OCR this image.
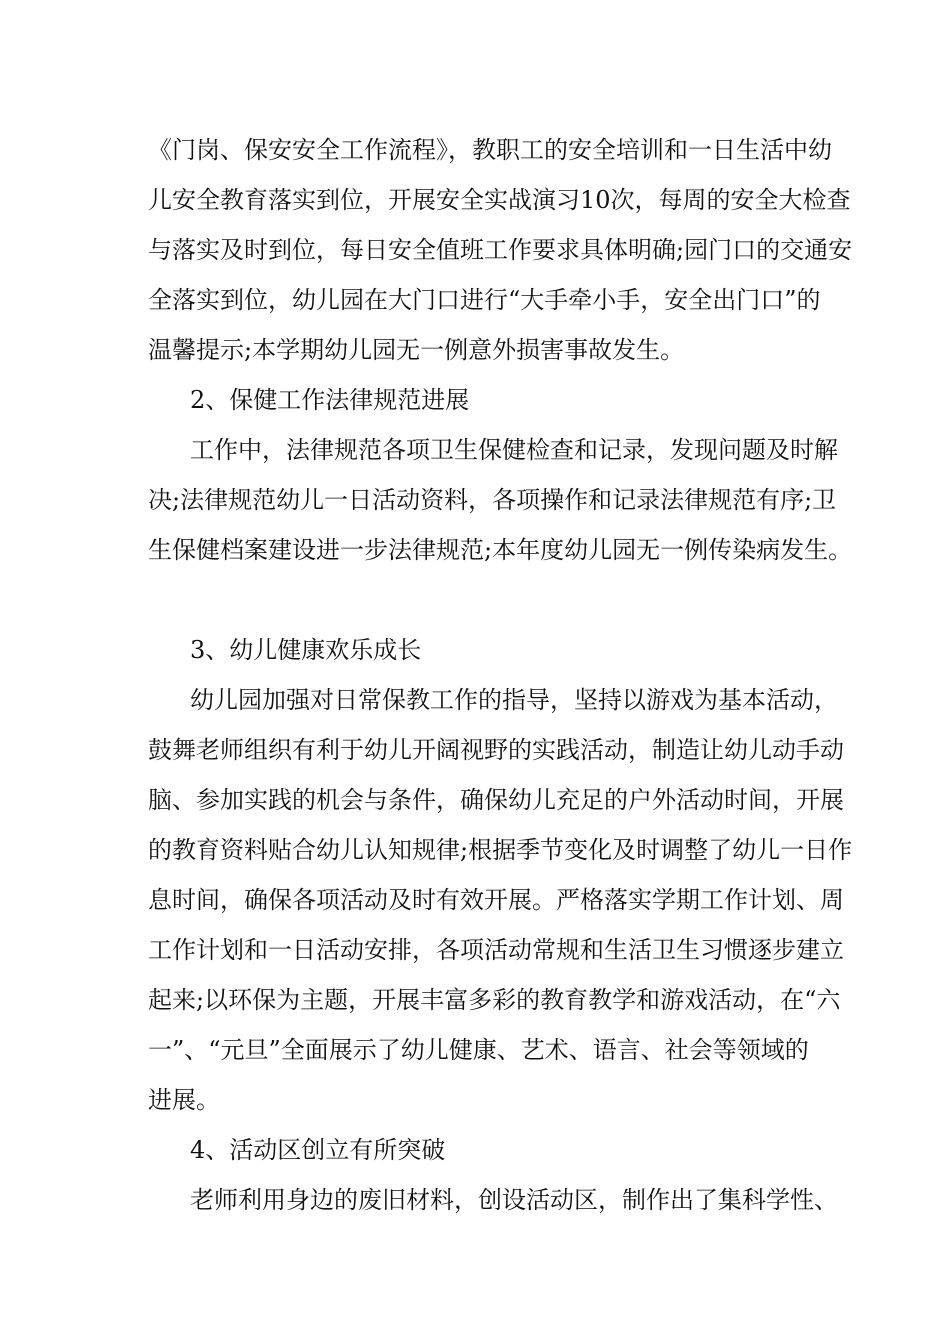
《门岗、保安安全工作流程》，教职工的安全培训和一日生活中幼
儿安全教育落实到位，开展安全实战演习10次，每周的安全大检查
与落实及时到位，每日安全值班工作要求具体明确;园门口的交通安
全落实到位，幼儿园在大门口进行“大手牵小手，安全出门口”的
温馨提示;本学期幼儿园无一例意外损害事故发生。
2、保健工作法律规范进展
工作中，法律规范各项卫生保健检查和记录，发现问题及时解
决;法律规范幼儿一日活动资料，各项操作和记录法律规范有序;卫
生保健档案建设进一步法律规范;本年度幼儿园无一例传染病发生。
3、幼儿健康欢乐成长
幼儿园加强对日常保教工作的指导，坚持以游戏为基本活动，
鼓舞老师组织有利于幼儿开阔视野的实践活动，制造让幼儿动手动
脑、参加实践的机会与条件，确保幼儿充足的户外活动时间，开展
的教育资料贴合幼儿认知规律;根据季节变化及时调整了幼儿一日作
息时间，确保各项活动及时有效开展。严格落实学期工作计划、周
工作计划和一日活动安排，各项活动常规和生活卫生习惯逐步建立
起来;以环保为主题，开展丰富多彩的教育教学和游戏活动，在“六
一”、“元旦”全面展示了幼儿健康、艺术、语言、社会等领域的
进展。
4、活动区创立有所突破
老师利用身边的废旧材料，创设活动区，制作出了集科学性、
